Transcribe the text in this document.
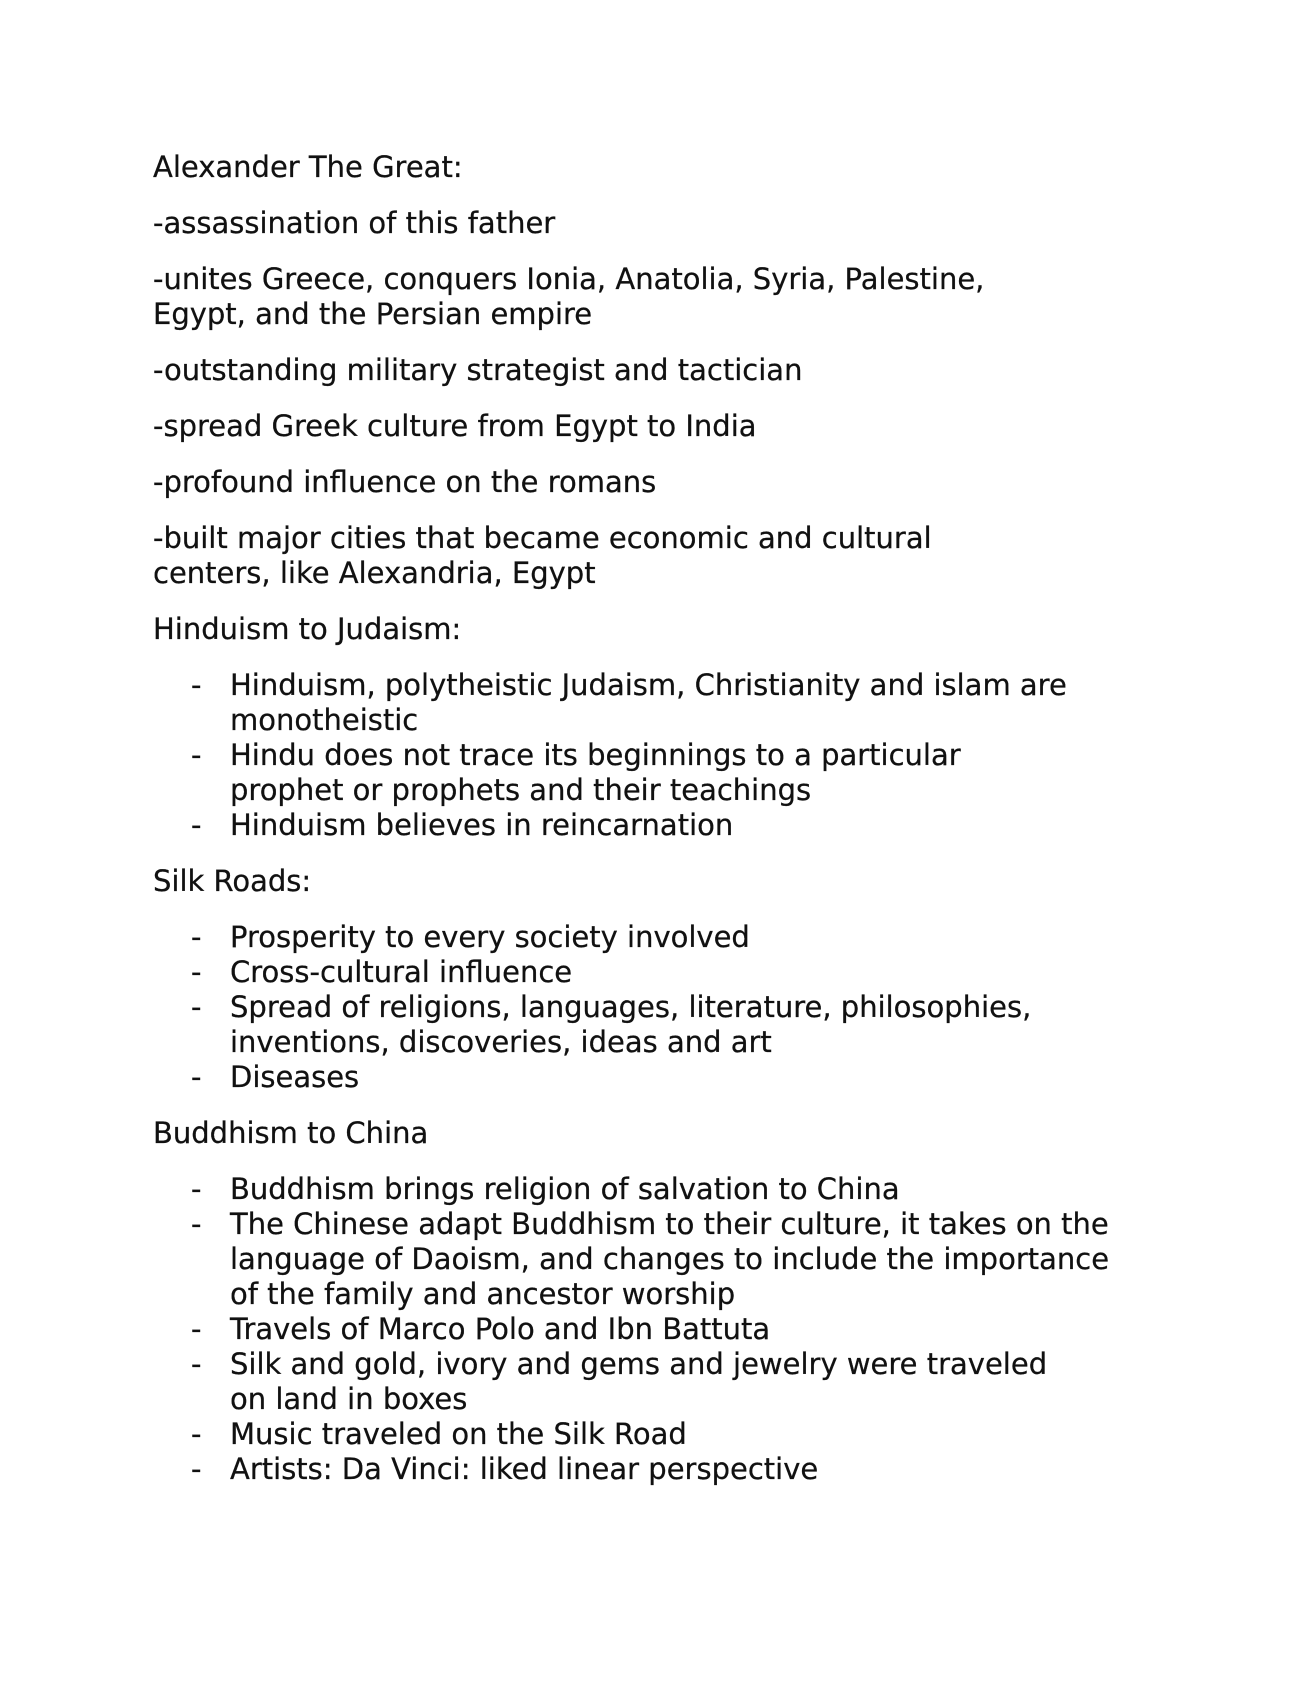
Alexander The Great:
-assassination of this father
-unites Greece, conquers Ionia, Anatolia, Syria, Palestine, Egypt, and the Persian empire
-outstanding military strategist and tactician
-spread Greek culture from Egypt to India
-profound influence on the romans
-built major cities that became economic and cultural centers, like Alexandria, Egypt
Hinduism to Judaism:
- Hinduism, polytheistic Judaism, Christianity and islam are monotheistic
- Hindu does not trace its beginnings to a particular prophet or prophets and their teachings
- Hinduism believes in reincarnation
Silk Roads:
- Prosperity to every society involved
- Cross-cultural influence
- Spread of religions, languages, literature, philosophies, inventions, discoveries, ideas and art
- Diseases
Buddhism to China
- Buddhism brings religion of salvation to China
- The Chinese adapt Buddhism to their culture, it takes on the language of Daoism, and changes to include the importance of the family and ancestor worship
- Travels of Marco Polo and Ibn Battuta
- Silk and gold, ivory and gems and jewelry were traveled on land in boxes
- Music traveled on the Silk Road
- Artists: Da Vinci: liked linear perspective
